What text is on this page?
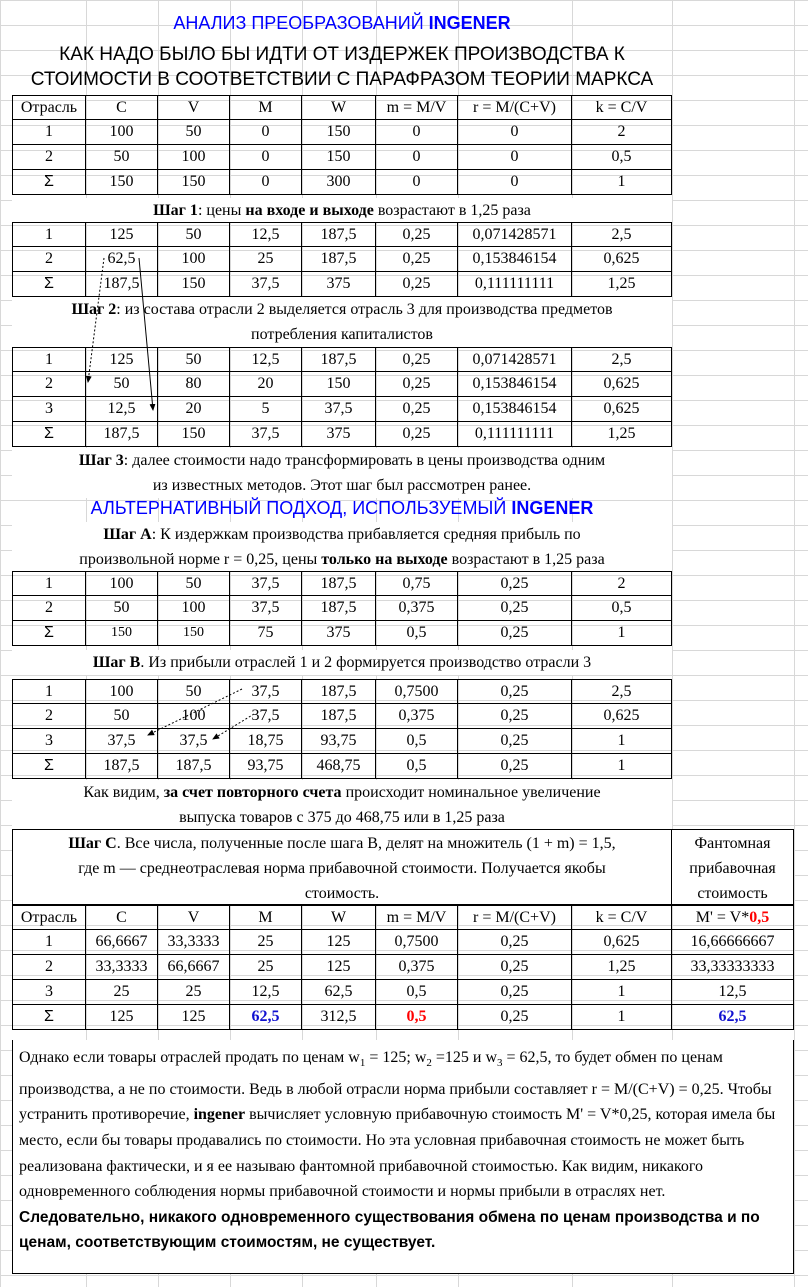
АНАЛИЗ ПРЕОБРАЗОВАНИЙ INGENER
КАК НАДО БЫЛО БЫ ИДТИ ОТ ИЗДЕРЖЕК ПРОИЗВОДСТВА К
СТОИМОСТИ В СООТВЕТСТВИИ С ПАРАФРАЗОМ ТЕОРИИ МАРКСА
Отрасль	C	V	M	W	m = M/V	r = M/(C+V)	k = C/V
1	100	50	0	150	0	0	2
2	50	100	0	150	0	0	0,5
Σ	150	150	0	300	0	0	1
Шаг 1: цены на входе и выходе возрастают в 1,25 раза
1	125	50	12,5	187,5	0,25	0,071428571	2,5
2	62,5	100	25	187,5	0,25	0,153846154	0,625
Σ	187,5	150	37,5	375	0,25	0,111111111	1,25
Шаг 2: из состава отрасли 2 выделяется отрасль 3 для производства предметов
потребления капиталистов
1	125	50	12,5	187,5	0,25	0,071428571	2,5
2	50	80	20	150	0,25	0,153846154	0,625
3	12,5	20	5	37,5	0,25	0,153846154	0,625
Σ	187,5	150	37,5	375	0,25	0,111111111	1,25
Шаг 3: далее стоимости надо трансформировать в цены производства одним
из известных методов. Этот шаг был рассмотрен ранее.
АЛЬТЕРНАТИВНЫЙ ПОДХОД, ИСПОЛЬЗУЕМЫЙ INGENER
Шаг А: К издержкам производства прибавляется средняя прибыль по
произвольной норме r = 0,25, цены только на выходе возрастают в 1,25 раза
1	100	50	37,5	187,5	0,75	0,25	2
2	50	100	37,5	187,5	0,375	0,25	0,5
Σ	150	150	75	375	0,5	0,25	1
Шаг В. Из прибыли отраслей 1 и 2 формируется производство отрасли 3
1	100	50	37,5	187,5	0,7500	0,25	2,5
2	50	100	37,5	187,5	0,375	0,25	0,625
3	37,5	37,5	18,75	93,75	0,5	0,25	1
Σ	187,5	187,5	93,75	468,75	0,5	0,25	1
Как видим, за счет повторного счета происходит номинальное увеличение
выпуска товаров с 375 до 468,75 или в 1,25 раза
Шаг С. Все числа, полученные после шага В, делят на множитель (1 + m) = 1,5,
где m — среднеотраслевая норма прибавочной стоимости. Получается якобы
стоимость.
Фантомная
прибавочная
стоимость
Отрасль	C	V	M	W	m = M/V	r = M/(C+V)	k = C/V	M' = V* 0,5
1	66,6667	33,3333	25	125	0,7500	0,25	0,625	16,66666667
2	33,3333	66,6667	25	125	0,375	0,25	1,25	33,33333333
3	25	25	12,5	62,5	0,5	0,25	1	12,5
Σ	125	125	62,5	312,5	0,5	0,25	1	62,5
Однако если товары отраслей продать по ценам $w_1 = 125$; $w_2 =125$ и $w_3 = 62,5$, то будет обмен по ценам производства, а не по стоимости. Ведь в любой отрасли норма прибыли составляет r = M/(C+V) = 0,25. Чтобы устранить противоречие, ingener вычисляет условную прибавочную стоимость M' = V*0,25, которая имела бы место, если бы товары продавались по стоимости. Но эта условная прибавочная стоимость не может быть реализована фактически, и я ее называю фантомной прибавочной стоимостью. Как видим, никакого одновременного соблюдения нормы прибавочной стоимости и нормы прибыли в отраслях нет.
Следовательно, никакого одновременного существования обмена по ценам производства и по ценам, соответствующим стоимостям, не существует.
